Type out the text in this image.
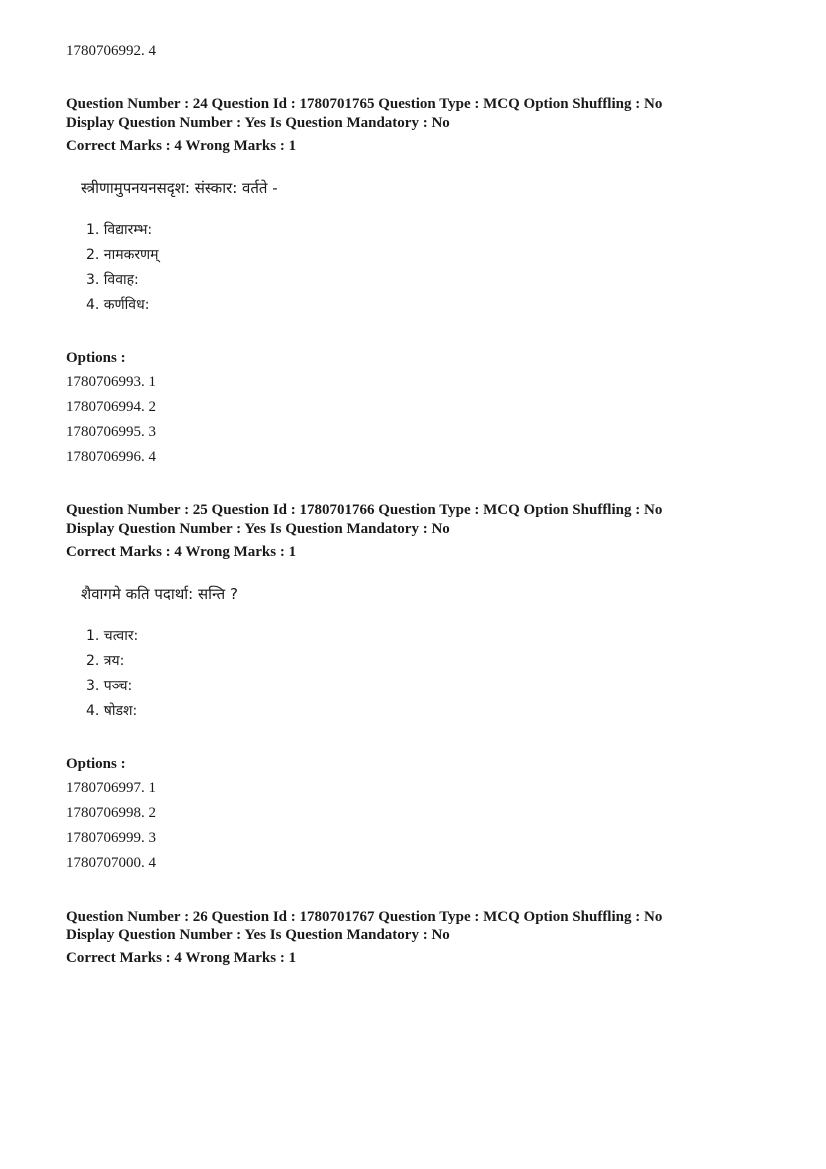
1780706992. 4
Question Number : 24 Question Id : 1780701765 Question Type : MCQ Option Shuffling : No
Display Question Number : Yes Is Question Mandatory : No
Correct Marks : 4 Wrong Marks : 1
स्त्रीणामुपनयनसदृश: संस्कार: वर्तते -
1. विद्यारम्भ:
2. नामकरणम्
3. विवाह:
4. कर्णविध:
Options :
1780706993. 1
1780706994. 2
1780706995. 3
1780706996. 4
Question Number : 25 Question Id : 1780701766 Question Type : MCQ Option Shuffling : No
Display Question Number : Yes Is Question Mandatory : No
Correct Marks : 4 Wrong Marks : 1
शैवागमे कति पदार्था: सन्ति ?
1. चत्वार:
2. त्रय:
3. पञ्च:
4. षोडश:
Options :
1780706997. 1
1780706998. 2
1780706999. 3
1780707000. 4
Question Number : 26 Question Id : 1780701767 Question Type : MCQ Option Shuffling : No
Display Question Number : Yes Is Question Mandatory : No
Correct Marks : 4 Wrong Marks : 1
